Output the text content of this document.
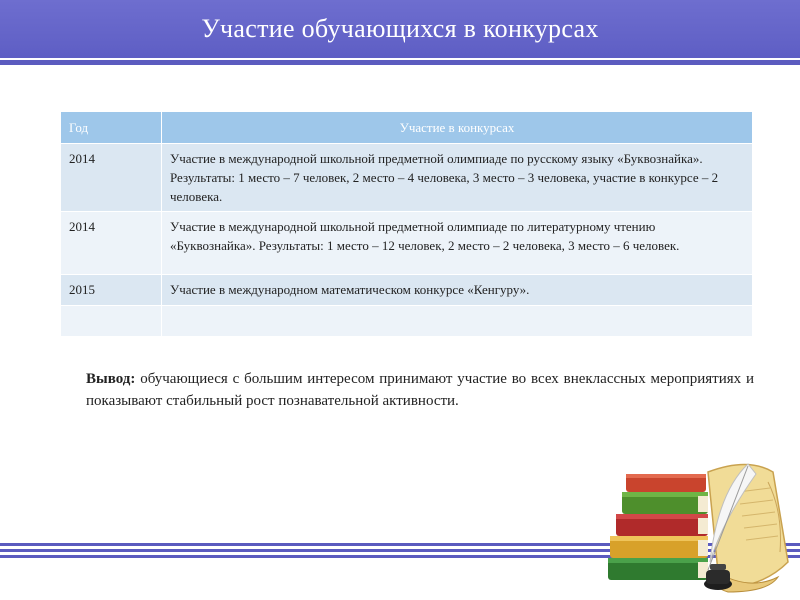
Участие обучающихся в конкурсах
Год	Участие в конкурсах
2014	Участие в международной школьной предметной олимпиаде по русскому языку «Буквознайка». Результаты: 1 место – 7 человек, 2 место – 4 человека, 3 место – 3 человека, участие в конкурсе – 2 человека.
2014	Участие в международной школьной предметной олимпиаде по литературному чтению «Буквознайка». Результаты: 1 место – 12 человек, 2 место – 2 человека, 3 место – 6 человек.
2015	Участие в международном математическом конкурсе «Кенгуру».

Вывод: обучающиеся с большим интересом принимают участие во всех внеклассных мероприятиях и показывают стабильный рост познавательной активности.
